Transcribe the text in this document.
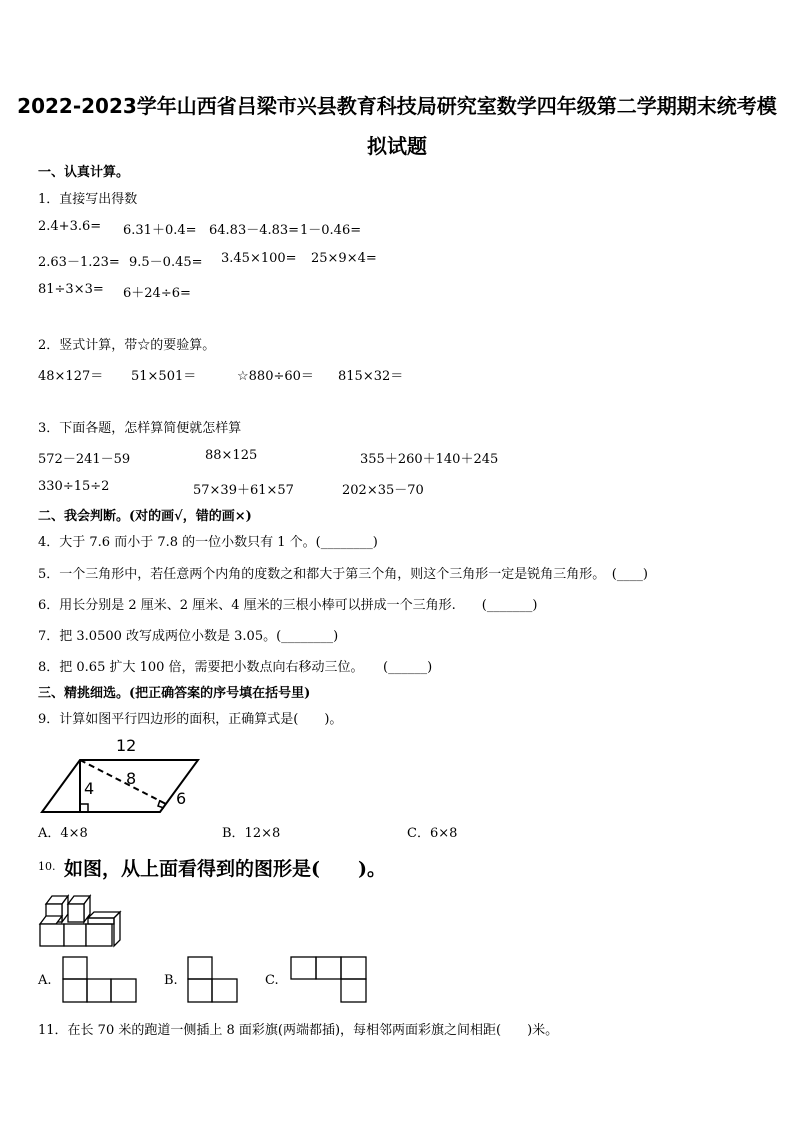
2022-2023学年山西省吕梁市兴县教育科技局研究室数学四年级第二学期期末统考模
拟试题
一、认真计算。
1．直接写出得数
2.4+3.6= 6.31＋0.4= 64.83－4.83= 1－0.46=
2.63－1.23= 9.5－0.45= 3.45×100= 25×9×4=
81÷3×3= 6＋24÷6=
2．竖式计算，带☆的要验算。
48×127＝ 51×501＝	☆880÷60＝ 815×32＝
3．下面各题，怎样算简便就怎样算
572－241－59	88×125	355＋260＋140＋245
330÷15÷2	57×39＋61×57	202×35－70
二、我会判断。(对的画√，错的画×)
4．大于 7.6 而小于 7.8 的一位小数只有 1 个。(________)
5．一个三角形中，若任意两个内角的度数之和都大于第三个角，则这个三角形一定是锐角三角形。　(____)
6．用长分别是 2 厘米、2 厘米、4 厘米的三根小棒可以拼成一个三角形.　　(_______)
7．把 3.0500 改写成两位小数是 3.05。(________)
8．把 0.65 扩大 100 倍，需要把小数点向右移动三位。　　(______)
三、精挑细选。(把正确答案的序号填在括号里)
9．计算如图平行四边形的面积，正确算式是(　　)。
12
8
4
6
A．4×8	B．12×8	C．6×8
10. 如图，从上面看得到的图形是(　　)。
A.	B.	C.
11．在长 70 米的跑道一侧插上 8 面彩旗(两端都插)，每相邻两面彩旗之间相距(　　)米。
